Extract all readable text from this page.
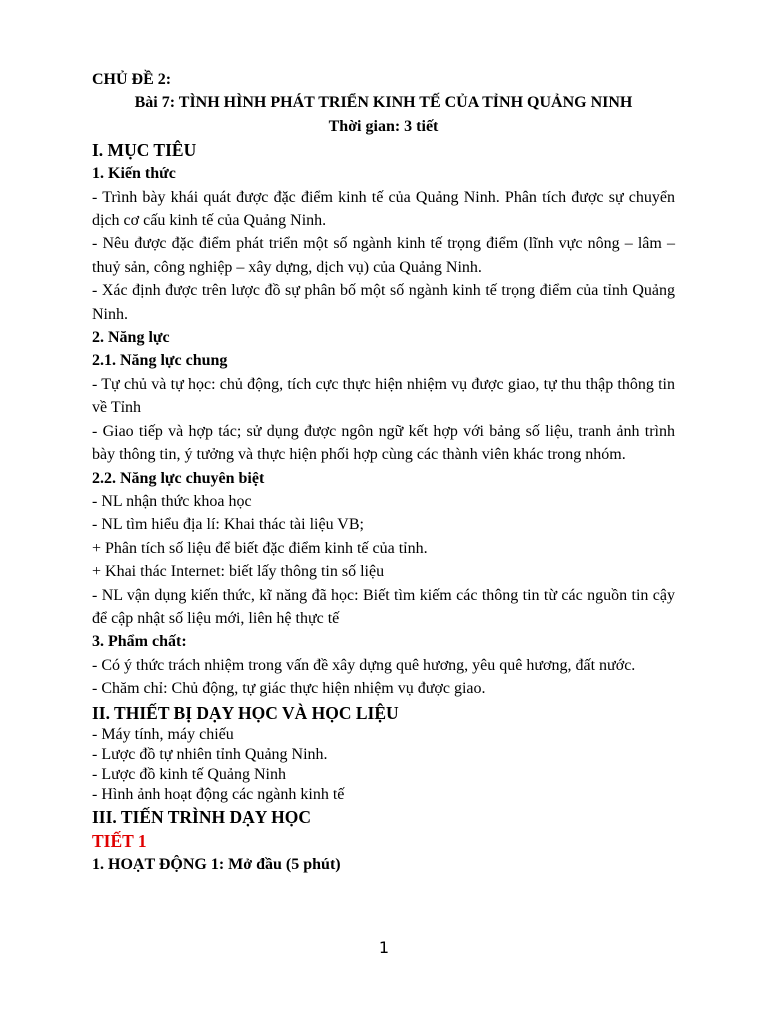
CHỦ ĐỀ 2:

Bài 7: TÌNH HÌNH PHÁT TRIỂN KINH TẾ CỦA TỈNH QUẢNG NINH

Thời gian: 3 tiết

I. MỤC TIÊU

1. Kiến thức

- Trình bày khái quát được đặc điểm kinh tế của Quảng Ninh. Phân tích được sự chuyển dịch cơ cấu kinh tế của Quảng Ninh.

- Nêu được đặc điểm phát triển một số ngành kinh tế trọng điểm (lĩnh vực nông – lâm – thuỷ sản, công nghiệp – xây dựng, dịch vụ) của Quảng Ninh.

- Xác định được trên lược đồ sự phân bố một số ngành kinh tế trọng điểm của tỉnh Quảng Ninh.

2. Năng lực

2.1. Năng lực chung

- Tự chủ và tự học: chủ động, tích cực thực hiện nhiệm vụ được giao, tự thu thập thông tin về Tỉnh

- Giao tiếp và hợp tác; sử dụng được ngôn ngữ kết hợp với bảng số liệu, tranh ảnh trình bày thông tin, ý tưởng và thực hiện phối hợp cùng các thành viên khác trong nhóm.

2.2. Năng lực chuyên biệt

- NL nhận thức khoa học

- NL tìm hiểu địa lí: Khai thác tài liệu VB;

+ Phân tích số liệu để biết đặc điểm kinh tế của tỉnh.

+ Khai thác Internet: biết lấy thông tin số liệu

- NL vận dụng kiến thức, kĩ năng đã học: Biết tìm kiếm các thông tin từ các nguồn tin cậy để cập nhật số liệu mới, liên hệ thực tế

3. Phẩm chất:

- Có ý thức trách nhiệm trong vấn đề xây dựng quê hương, yêu quê hương, đất nước.

- Chăm chỉ: Chủ động, tự giác thực hiện nhiệm vụ được giao.

II. THIẾT BỊ DẠY HỌC VÀ HỌC LIỆU

- Máy tính, máy chiếu

- Lược đồ tự nhiên tỉnh Quảng Ninh.

- Lược đồ kinh tế Quảng Ninh

- Hình ảnh hoạt động các ngành kinh tế

III. TIẾN TRÌNH DẠY HỌC

TIẾT 1

1. HOẠT ĐỘNG 1: Mở đầu (5 phút)

1
